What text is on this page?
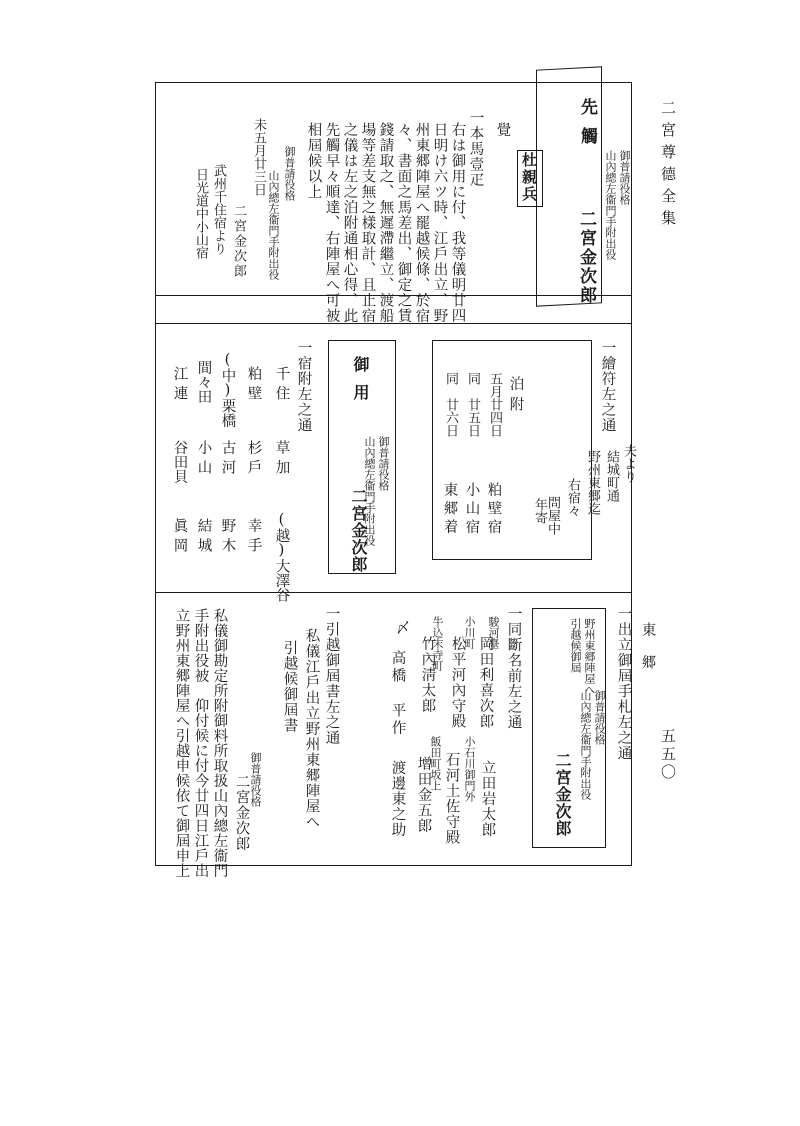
二宮尊德全集
五五〇
先觸
御普請役格
山內總左衞門手附出役
二宮金次郎
杜親兵
覺
一本馬壹疋
右は御用に付、我等儀明廿四
日明け六ツ時、江戶出立、野
州東郷陣屋へ罷越候條、於宿
々、書面之馬差出、御定之賃
錢請取之、無遲滯繼立、渡船
場等差支無之樣取計、且止宿
之儀は左之泊附通相心得、此
先觸早々順達、右陣屋へ可被
相屆候以上
御普請役格
山內總左衞門手附出役
未五月廿三日
二宮金次郎
武州千住宿より
日光道中小山宿
一繪符左之通
泊附
五月廿四日
同　廿五日
同　廿六日
粕壁宿
小山宿
東郷着
夫より
結城町通
野州東郷迄
右宿々
問屋中
年寄
御用
御普請役格
山內總左衞門手附出役
二宮金次郎
一宿附左之通
千住
草加
(越)大澤谷
粕壁
杉戶
幸手
(中)栗橋
古河
野木
間々田
小山
結城
江連
谷田貝
眞岡
東郷
一出立御屆手札左之通
野州東郷陣屋へ
引越候御屆
御普請役格
山內總左衞門手附出役
二宮金次郎
一同斷名前左之通
駿河臺
岡田利喜次郎
小川町
松平河內守殿
牛込末寺町
竹內淸太郎
〆
高橋　平作
立田岩太郎
小石川御門外
石河土佐守殿
飯田町坂上
增田金五郎
渡邊東之助
一引越御屆書左之通
私儀江戶出立野州東郷陣屋へ
引越候御屆書
御普請役格
二宮金次郎
私儀御勘定所附御料所取扱山內總左衞門
手附出役被　仰付候に付今廿四日江戶出
立野州東郷陣屋へ引越申候依て御屆申上
